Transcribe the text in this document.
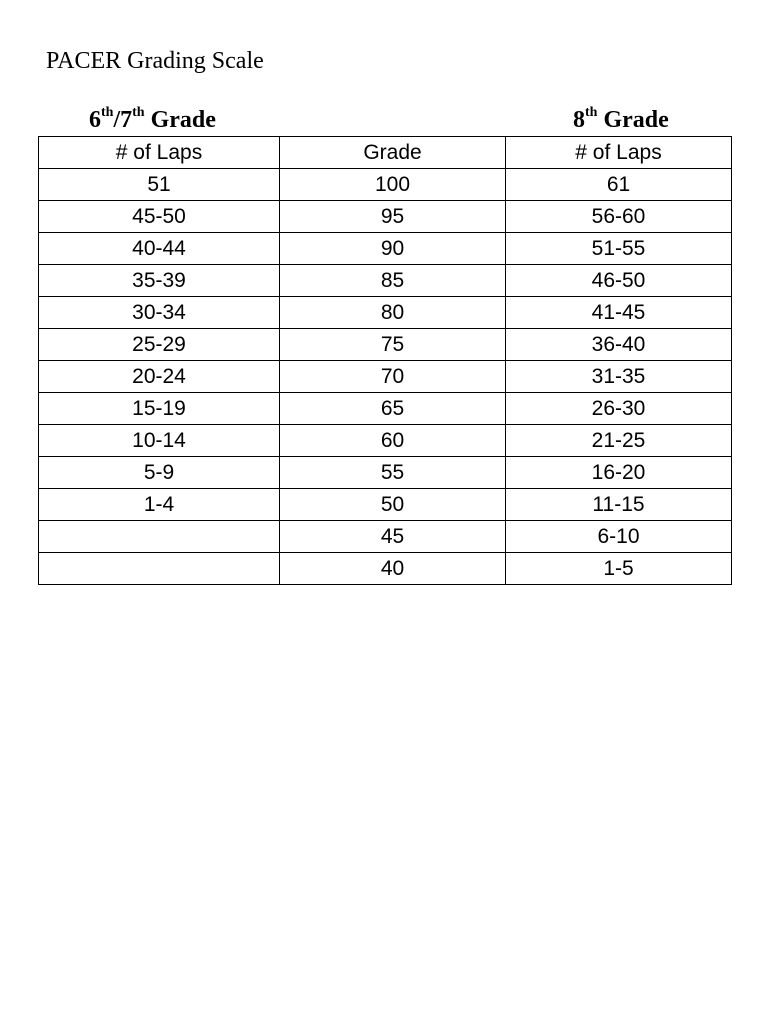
PACER Grading Scale
6th/7th Grade	8th Grade
# of Laps	Grade	# of Laps
51	100	61
45-50	95	56-60
40-44	90	51-55
35-39	85	46-50
30-34	80	41-45
25-29	75	36-40
20-24	70	31-35
15-19	65	26-30
10-14	60	21-25
5-9	55	16-20
1-4	50	11-15
	45	6-10
	40	1-5
